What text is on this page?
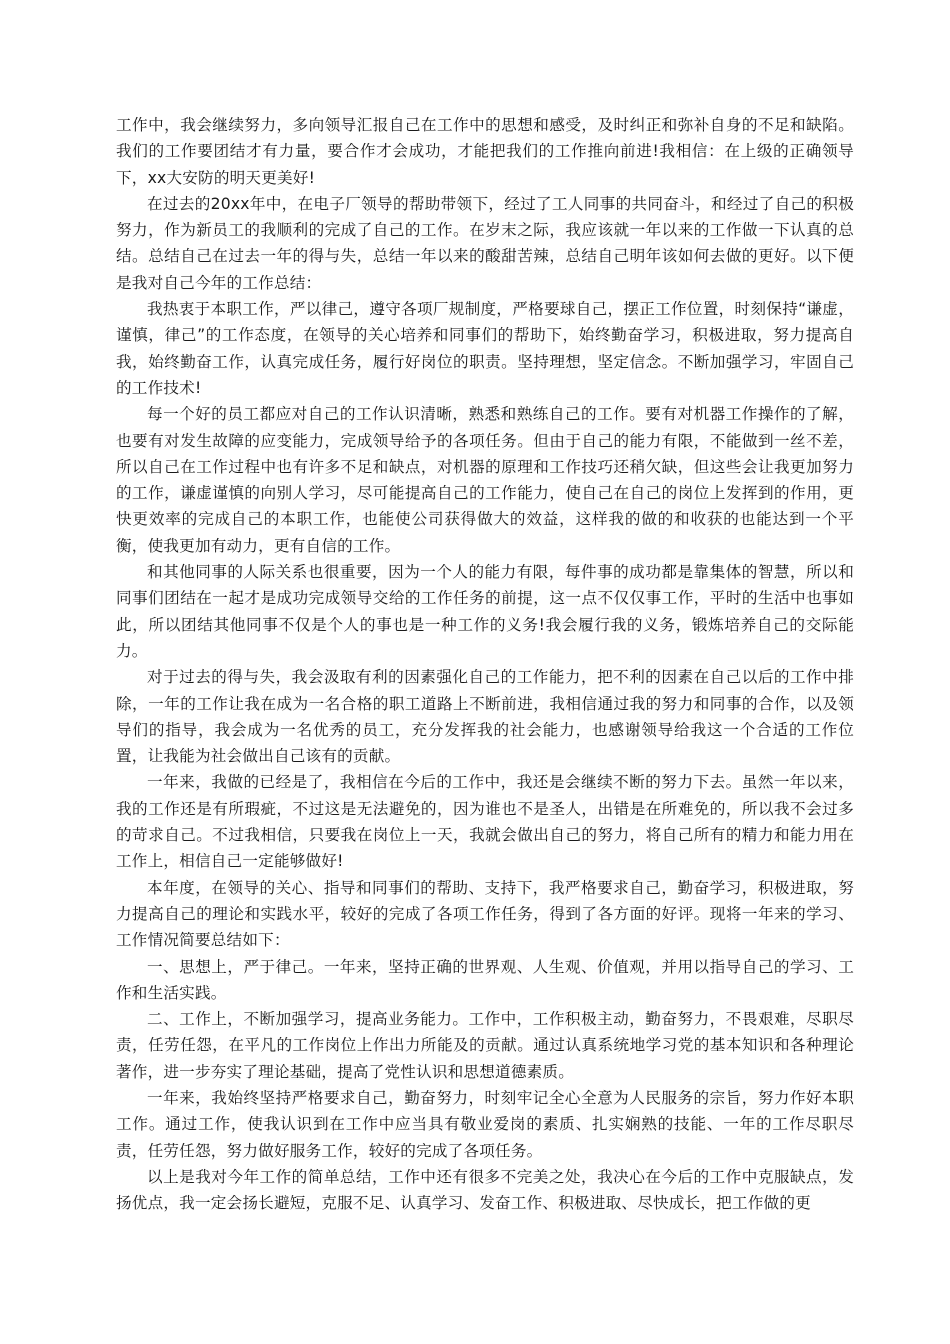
工作中，我会继续努力，多向领导汇报自己在工作中的思想和感受，及时纠正和弥补自身的不足和缺陷。我们的工作要团结才有力量，要合作才会成功，才能把我们的工作推向前进!我相信：在上级的正确领导下，xx大安防的明天更美好!

在过去的20xx年中，在电子厂领导的帮助带领下，经过了工人同事的共同奋斗，和经过了自己的积极努力，作为新员工的我顺利的完成了自己的工作。在岁末之际，我应该就一年以来的工作做一下认真的总结。总结自己在过去一年的得与失，总结一年以来的酸甜苦辣，总结自己明年该如何去做的更好。以下便是我对自己今年的工作总结：

我热衷于本职工作，严以律己，遵守各项厂规制度，严格要球自己，摆正工作位置，时刻保持“谦虚，谨慎，律己”的工作态度，在领导的关心培养和同事们的帮助下，始终勤奋学习，积极进取，努力提高自我，始终勤奋工作，认真完成任务，履行好岗位的职责。坚持理想，坚定信念。不断加强学习，牢固自己的工作技术!

每一个好的员工都应对自己的工作认识清晰，熟悉和熟练自己的工作。要有对机器工作操作的了解，也要有对发生故障的应变能力，完成领导给予的各项任务。但由于自己的能力有限，不能做到一丝不差，所以自己在工作过程中也有许多不足和缺点，对机器的原理和工作技巧还稍欠缺，但这些会让我更加努力的工作，谦虚谨慎的向别人学习，尽可能提高自己的工作能力，使自己在自己的岗位上发挥到的作用，更快更效率的完成自己的本职工作，也能使公司获得做大的效益，这样我的做的和收获的也能达到一个平衡，使我更加有动力，更有自信的工作。

和其他同事的人际关系也很重要，因为一个人的能力有限，每件事的成功都是靠集体的智慧，所以和同事们团结在一起才是成功完成领导交给的工作任务的前提，这一点不仅仅事工作，平时的生活中也事如此，所以团结其他同事不仅是个人的事也是一种工作的义务!我会履行我的义务，锻炼培养自己的交际能力。

对于过去的得与失，我会汲取有利的因素强化自己的工作能力，把不利的因素在自己以后的工作中排除，一年的工作让我在成为一名合格的职工道路上不断前进，我相信通过我的努力和同事的合作，以及领导们的指导，我会成为一名优秀的员工，充分发挥我的社会能力，也感谢领导给我这一个合适的工作位置，让我能为社会做出自己该有的贡献。

一年来，我做的已经是了，我相信在今后的工作中，我还是会继续不断的努力下去。虽然一年以来，我的工作还是有所瑕疵，不过这是无法避免的，因为谁也不是圣人，出错是在所难免的，所以我不会过多的苛求自己。不过我相信，只要我在岗位上一天，我就会做出自己的努力，将自己所有的精力和能力用在工作上，相信自己一定能够做好!

本年度，在领导的关心、指导和同事们的帮助、支持下，我严格要求自己，勤奋学习，积极进取，努力提高自己的理论和实践水平，较好的完成了各项工作任务，得到了各方面的好评。现将一年来的学习、工作情况简要总结如下：

一、思想上，严于律己。一年来，坚持正确的世界观、人生观、价值观，并用以指导自己的学习、工作和生活实践。

二、工作上，不断加强学习，提高业务能力。工作中，工作积极主动，勤奋努力，不畏艰难，尽职尽责，任劳任怨，在平凡的工作岗位上作出力所能及的贡献。通过认真系统地学习党的基本知识和各种理论著作，进一步夯实了理论基础，提高了党性认识和思想道德素质。

一年来，我始终坚持严格要求自己，勤奋努力，时刻牢记全心全意为人民服务的宗旨，努力作好本职工作。通过工作，使我认识到在工作中应当具有敬业爱岗的素质、扎实娴熟的技能、一年的工作尽职尽责，任劳任怨，努力做好服务工作，较好的完成了各项任务。

以上是我对今年工作的简单总结，工作中还有很多不完美之处，我决心在今后的工作中克服缺点，发扬优点，我一定会扬长避短，克服不足、认真学习、发奋工作、积极进取、尽快成长，把工作做的更
